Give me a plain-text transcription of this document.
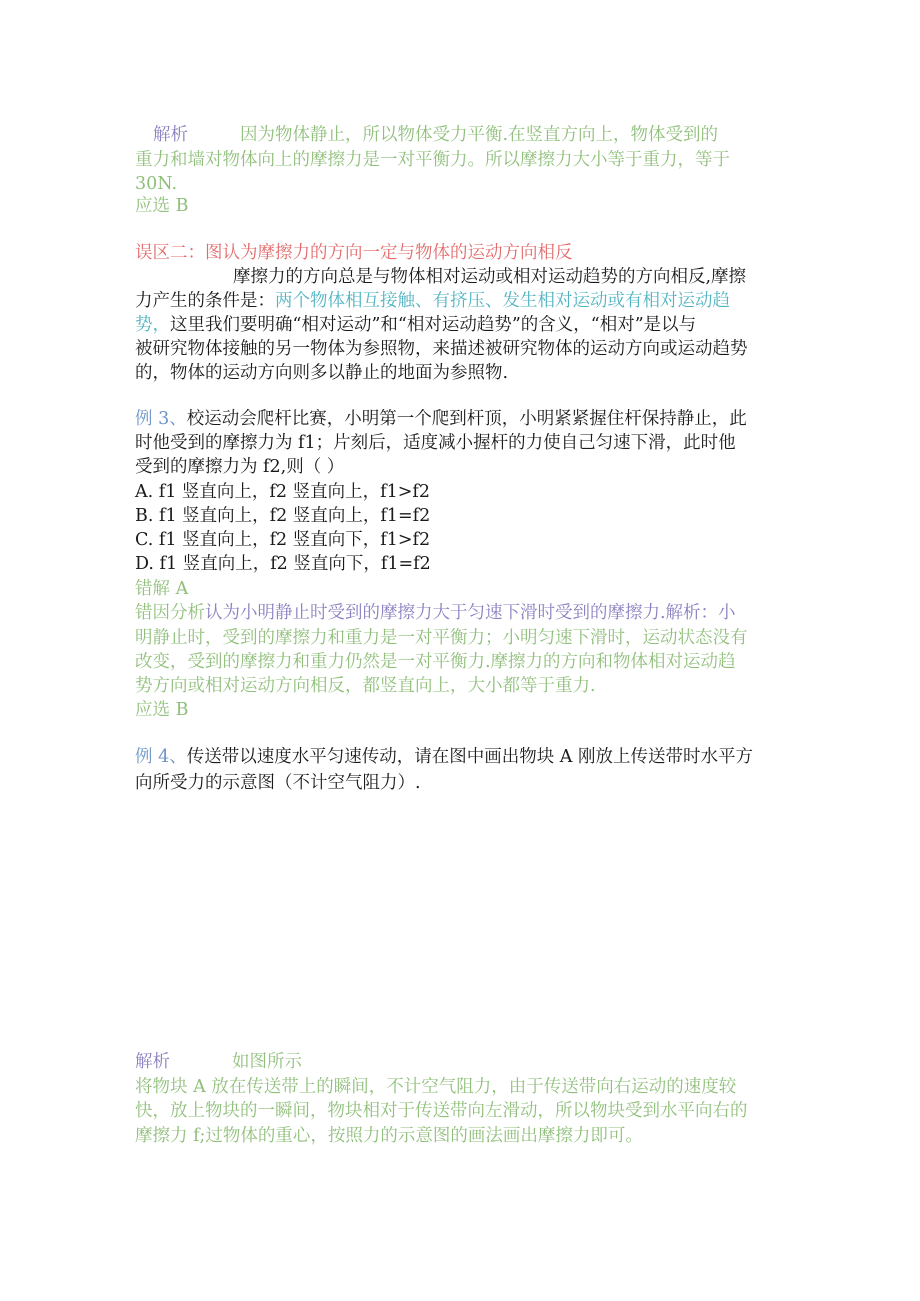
解析	因为物体静止，所以物体受力平衡.在竖直方向上，物体受到的
重力和墙对物体向上的摩擦力是一对平衡力。所以摩擦力大小等于重力，等于
30N.
应选 B
误区二：图认为摩擦力的方向一定与物体的运动方向相反
摩擦力的方向总是与物体相对运动或相对运动趋势的方向相反,摩擦
力产生的条件是：两个物体相互接触、有挤压、发生相对运动或有相对运动趋
势，这里我们要明确“相对运动”和“相对运动趋势”的含义，“相对”是以与
被研究物体接触的另一物体为参照物，来描述被研究物体的运动方向或运动趋势
的，物体的运动方向则多以静止的地面为参照物.
例 3、校运动会爬杆比赛，小明第一个爬到杆顶，小明紧紧握住杆保持静止，此
时他受到的摩擦力为 f1；片刻后，适度减小握杆的力使自己匀速下滑，此时他
受到的摩擦力为 f2,则（ ）
A. f1 竖直向上，f2 竖直向上，f1>f2
B. f1 竖直向上，f2 竖直向上，f1=f2
C. f1 竖直向上，f2 竖直向下，f1>f2
D. f1 竖直向上，f2 竖直向下，f1=f2
错解 A
错因分析认为小明静止时受到的摩擦力大于匀速下滑时受到的摩擦力.解析：小
明静止时，受到的摩擦力和重力是一对平衡力；小明匀速下滑时，运动状态没有
改变，受到的摩擦力和重力仍然是一对平衡力.摩擦力的方向和物体相对运动趋
势方向或相对运动方向相反，都竖直向上，大小都等于重力.
应选 B
例 4、传送带以速度水平匀速传动，请在图中画出物块 A 刚放上传送带时水平方
向所受力的示意图（不计空气阻力）.
解析	如图所示
将物块 A 放在传送带上的瞬间，不计空气阻力，由于传送带向右运动的速度较
快，放上物块的一瞬间，物块相对于传送带向左滑动，所以物块受到水平向右的
摩擦力 f;过物体的重心，按照力的示意图的画法画出摩擦力即可。
